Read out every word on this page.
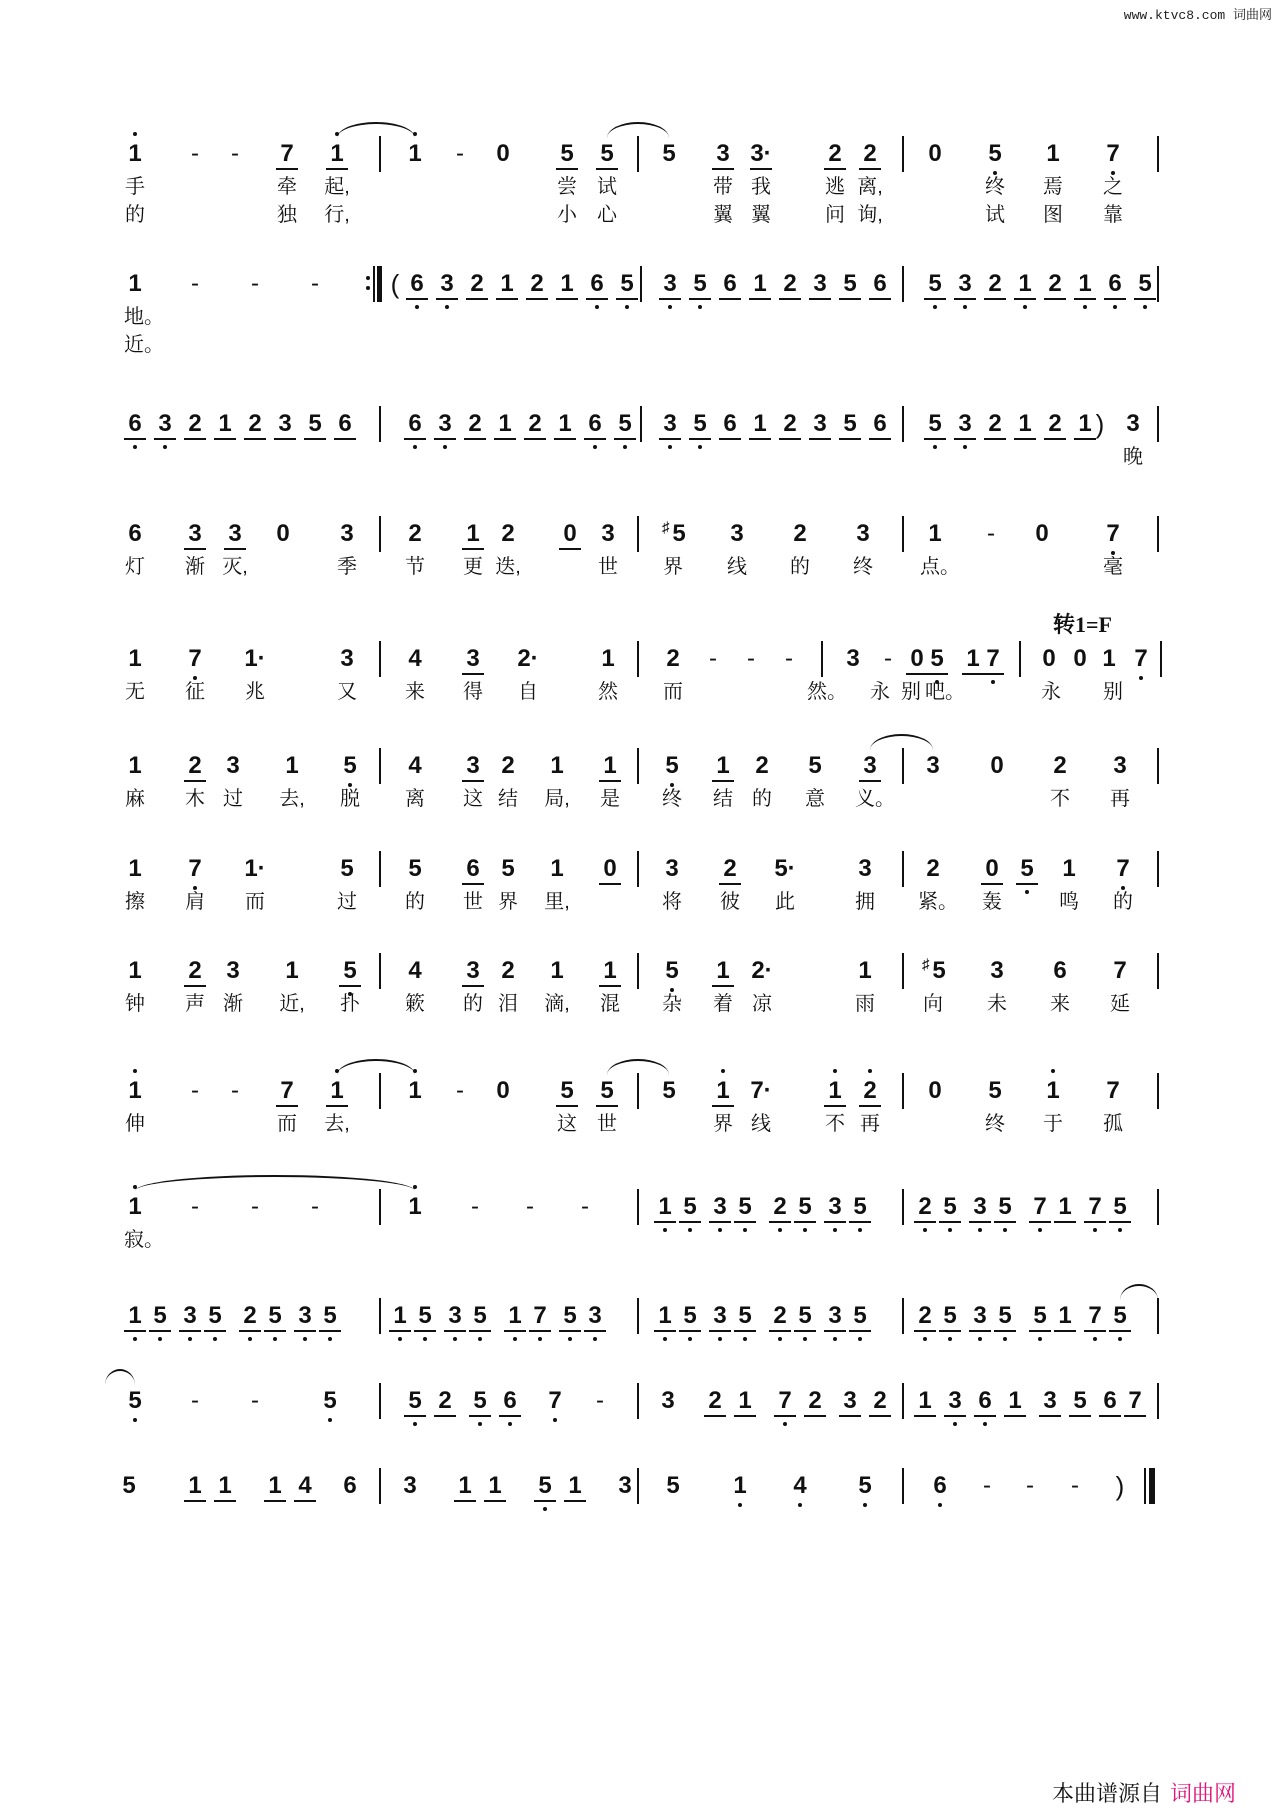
www.ktvc8.com 词曲网
转1=F
1	-	-	7	1	1	-	0	5	5	5	3 3·	2 2	0	5	1	7
手	牵 起,	尝 试	带 我	逃 离,	终 焉 之
的	独 行,	小 心	翼 翼	问 询,	试 图 靠
1	-	-	-	( 6 3 2 1 2 1 6 5	3 5 6 1 2 3 5 6	5 3 2 1 2 1 6 5
地。
近。
6 3 2 1 2 3 5 6	6 3 2 1 2 1 6 5	3 5 6 1 2 3 5 6	5 3 2 1 2 1 ) 3
晚
6	3	3	0	3	2	1 2	0	3	♯ 5	3	2	3	1	-	0	7
灯 渐 灭,	季 节 更 迭,	世 界 线 的 终 点。	毫
1	7	1·	3	4	3	2·	1	2	-	-	-	3	- 0 5 1 7	0 0 1 7
无 征 兆	又 来 得 自	然 而	然。 永 别 吧。	永 别
1	2	3	1	5	4	3 2	1	1	5	1	2	5	3	3	0	2	3
麻 木 过 去, 脱 离 这 结 局, 是 终 结 的 意 义。	不 再
1	7	1·	5	5	6 5	1	0	3	2	5·	3	2	0 5	1	7
擦 肩 而	过 的 世 界 里,	将 彼 此	拥 紧。 轰	鸣 的
1	2	3	1	5	4	3 2	1	1	5	1 2·	1	♯ 5	3	6	7
钟 声 渐 近, 扑 簌 的 泪 滴, 混 杂 着 凉	雨 向 未 来 延
1	-	-	7	1	1	-	0	5	5	5	1 7·	1 2	0	5	1	7
伸	而 去,	这 世	界 线	不 再	终 于 孤
1	-	-	-	1	-	-	-	1 5 3 5 2 5 3 5	2 5 3 5 7 1 7 5
寂。
1 5 3 5 2 5 3 5	1 5 3 5 1 7 5 3	1 5 3 5 2 5 3 5	2 5 3 5 5 1 7 5
5	-	-	5	5 2 5 6	7	-	3	2 1	7 2 3 2	1 3 6 1 3 5 6 7
5	1 1	1 4	6	3	1 1	5 1	3	5	1	4	5	6	-	-	-	)
本曲谱源自 词曲网
